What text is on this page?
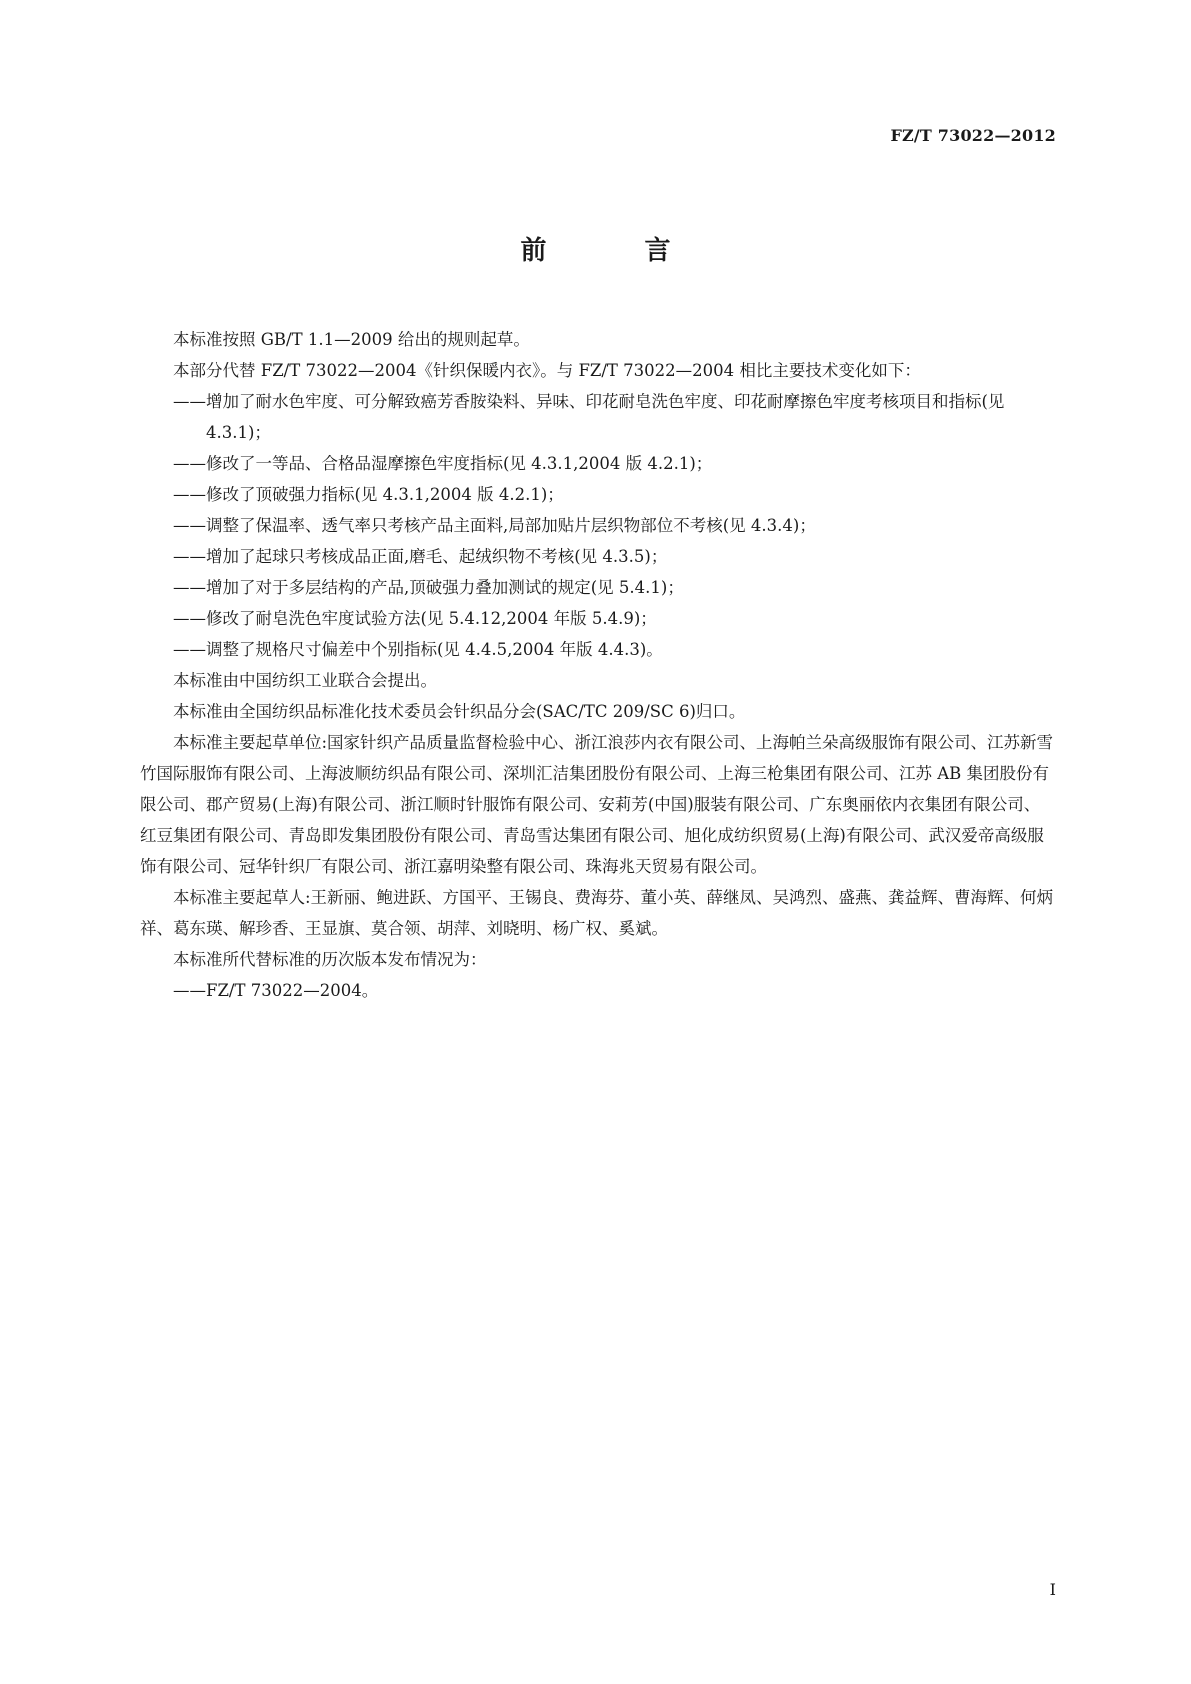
FZ/T 73022—2012
前　言

本标准按照 GB/T 1.1—2009 给出的规则起草。

本部分代替 FZ/T 73022—2004《针织保暖内衣》。与 FZ/T 73022—2004 相比主要技术变化如下：

——增加了耐水色牢度、可分解致癌芳香胺染料、异味、印花耐皂洗色牢度、印花耐摩擦色牢度考核项目和指标(见 4.3.1)；

——修改了一等品、合格品湿摩擦色牢度指标(见 4.3.1,2004 版 4.2.1)；

——修改了顶破强力指标(见 4.3.1,2004 版 4.2.1)；

——调整了保温率、透气率只考核产品主面料,局部加贴片层织物部位不考核(见 4.3.4)；

——增加了起球只考核成品正面,磨毛、起绒织物不考核(见 4.3.5)；

——增加了对于多层结构的产品,顶破强力叠加测试的规定(见 5.4.1)；

——修改了耐皂洗色牢度试验方法(见 5.4.12,2004 年版 5.4.9)；

——调整了规格尺寸偏差中个别指标(见 4.4.5,2004 年版 4.4.3)。

本标准由中国纺织工业联合会提出。

本标准由全国纺织品标准化技术委员会针织品分会(SAC/TC 209/SC 6)归口。

本标准主要起草单位:国家针织产品质量监督检验中心、浙江浪莎内衣有限公司、上海帕兰朵高级服饰有限公司、江苏新雪竹国际服饰有限公司、上海波顺纺织品有限公司、深圳汇洁集团股份有限公司、上海三枪集团有限公司、江苏 AB 集团股份有限公司、郡产贸易(上海)有限公司、浙江顺时针服饰有限公司、安莉芳(中国)服装有限公司、广东奥丽依内衣集团有限公司、红豆集团有限公司、青岛即发集团股份有限公司、青岛雪达集团有限公司、旭化成纺织贸易(上海)有限公司、武汉爱帝高级服饰有限公司、冠华针织厂有限公司、浙江嘉明染整有限公司、珠海兆天贸易有限公司。

本标准主要起草人:王新丽、鲍进跃、方国平、王锡良、费海芬、董小英、薛继凤、吴鸿烈、盛燕、龚益辉、曹海辉、何炳祥、葛东瑛、解珍香、王显旗、莫合领、胡萍、刘晓明、杨广权、奚斌。

本标准所代替标准的历次版本发布情况为：

——FZ/T 73022—2004。

I
